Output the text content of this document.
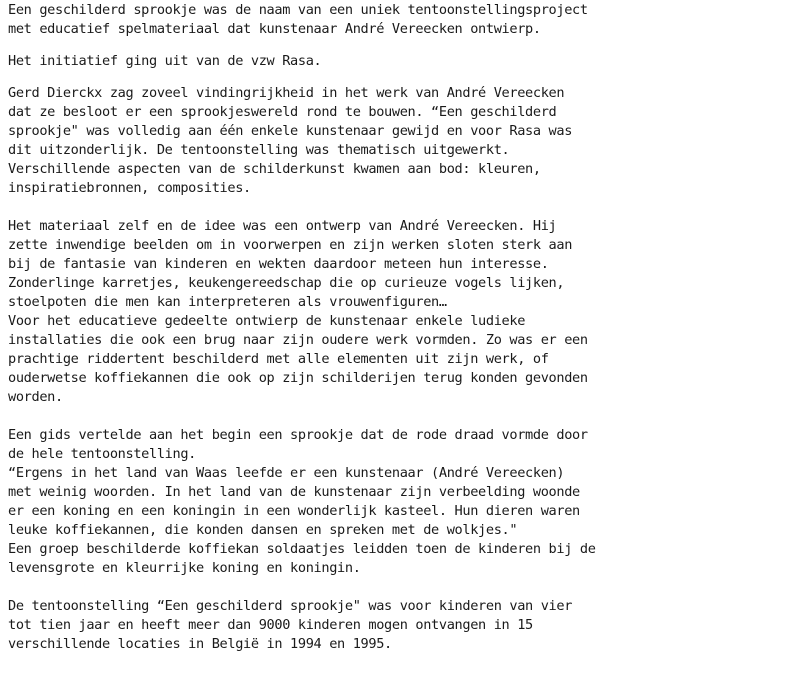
Een geschilderd sprookje was de naam van een uniek tentoonstellingsproject
met educatief spelmateriaal dat kunstenaar André Vereecken ontwierp.
Het initiatief ging uit van de vzw Rasa.
Gerd Dierckx zag zoveel vindingrijkheid in het werk van André Vereecken
dat ze besloot er een sprookjeswereld rond te bouwen. “Een geschilderd
sprookje" was volledig aan één enkele kunstenaar gewijd en voor Rasa was
dit uitzonderlijk. De tentoonstelling was thematisch uitgewerkt.
Verschillende aspecten van de schilderkunst kwamen aan bod: kleuren,
inspiratiebronnen, composities.
Het materiaal zelf en de idee was een ontwerp van André Vereecken. Hij
zette inwendige beelden om in voorwerpen en zijn werken sloten sterk aan
bij de fantasie van kinderen en wekten daardoor meteen hun interesse.
Zonderlinge karretjes, keukengereedschap die op curieuze vogels lijken,
stoelpoten die men kan interpreteren als vrouwenfiguren…
Voor het educatieve gedeelte ontwierp de kunstenaar enkele ludieke
installaties die ook een brug naar zijn oudere werk vormden. Zo was er een
prachtige riddertent beschilderd met alle elementen uit zijn werk, of
ouderwetse koffiekannen die ook op zijn schilderijen terug konden gevonden
worden.
Een gids vertelde aan het begin een sprookje dat de rode draad vormde door
de hele tentoonstelling.
“Ergens in het land van Waas leefde er een kunstenaar (André Vereecken)
met weinig woorden. In het land van de kunstenaar zijn verbeelding woonde
er een koning en een koningin in een wonderlijk kasteel. Hun dieren waren
leuke koffiekannen, die konden dansen en spreken met de wolkjes."
Een groep beschilderde koffiekan soldaatjes leidden toen de kinderen bij de
levensgrote en kleurrijke koning en koningin.
De tentoonstelling “Een geschilderd sprookje" was voor kinderen van vier
tot tien jaar en heeft meer dan 9000 kinderen mogen ontvangen in 15
verschillende locaties in België in 1994 en 1995.
